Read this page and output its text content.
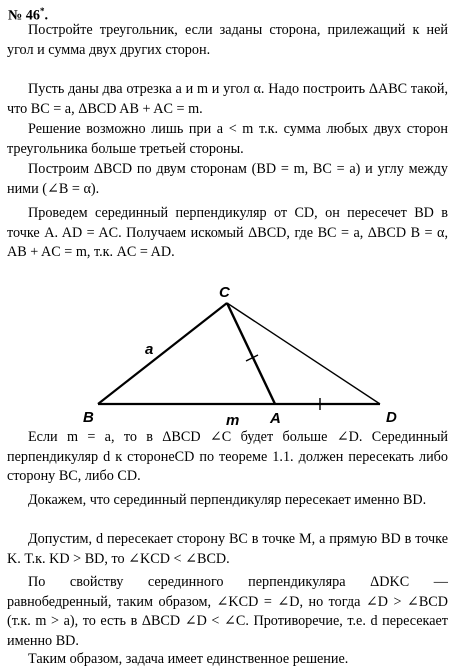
№ 46*.
Постройте треугольник, если заданы сторона, прилежащий к ней угол и сумма двух других сторон.
Пусть даны два отрезка a и m и угол α. Надо построить ΔABC такой, что BC = a, ΔBCD AB + AC = m.
Решение возможно лишь при a < m т.к. сумма любых двух сторон треугольника больше третьей стороны.
Построим ΔBCD по двум сторонам (BD = m, BC = a) и углу между ними (∠B = α).
Проведем серединный перпендикуляр от CD, он пересечет BD в точке A. AD = AC. Получаем искомый ΔBCD, где BC = a, ΔBCD B = α, AB + AC = m, т.к. AC = AD.
C
B	A	D
a
m
Если m = a, то в ΔBCD ∠C будет больше ∠D. Серединный перпендикуляр d к сторонеCD по теореме 1.1. должен пересекать либо сторону BC, либо CD.
Докажем, что серединный перпендикуляр пересекает именно BD.
Допустим, d пересекает сторону BC в точке M, а прямую BD в точке K. Т.к. KD > BD, то ∠KCD < ∠BCD.
По свойству серединного перпендикуляра ΔDKC — равнобедренный, таким образом, ∠KCD = ∠D, но тогда ∠D > ∠BCD (т.к. m > a), то есть в ΔBCD ∠D < ∠C. Противоречие, т.е. d пересекает именно BD.
Таким образом, задача имеет единственное решение.
